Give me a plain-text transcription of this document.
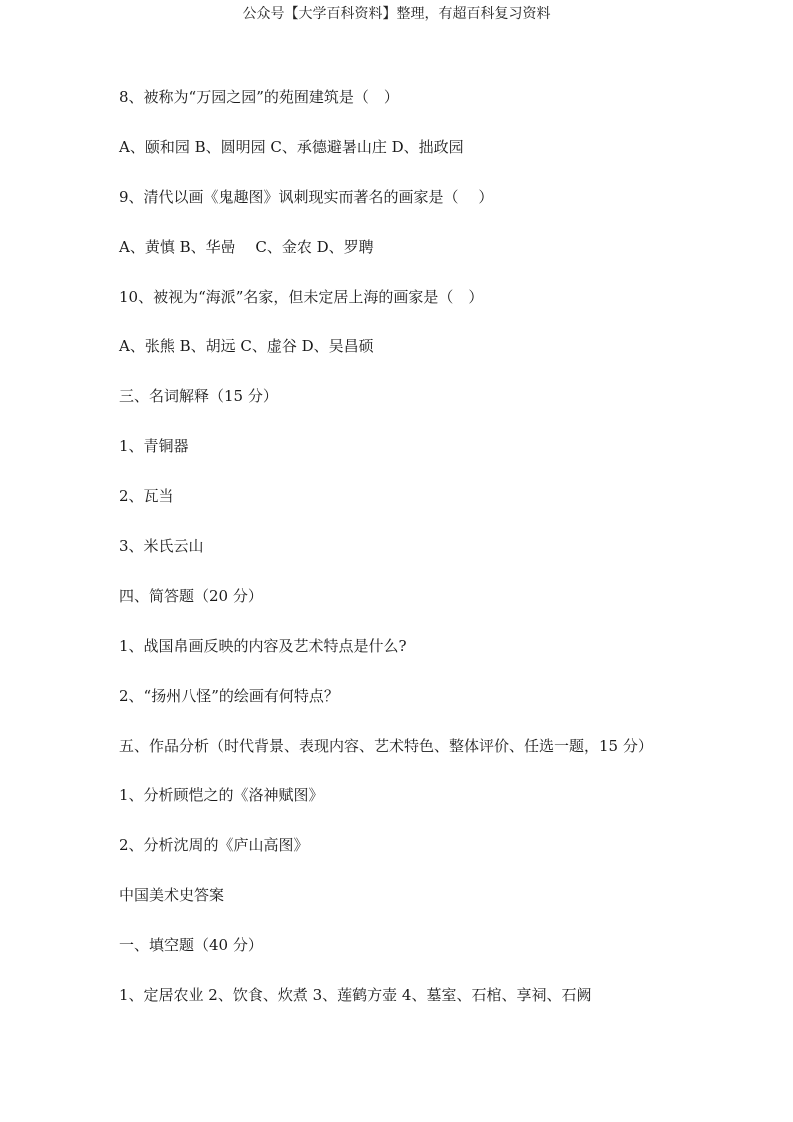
公众号【大学百科资料】整理，有超百科复习资料
8、被称为“万园之园”的苑囿建筑是（　）
A、颐和园 B、圆明园 C、承德避暑山庄 D、拙政园
9、清代以画《鬼趣图》讽刺现实而著名的画家是（　 ）
A、黄慎 B、华喦　 C、金农 D、罗聘
10、被视为“海派”名家，但未定居上海的画家是（　）
A、张熊 B、胡远 C、虚谷 D、吴昌硕
三、名词解释（15 分）
1、青铜器
2、瓦当
3、米氏云山
四、简答题（20 分）
1、战国帛画反映的内容及艺术特点是什么?
2、“扬州八怪”的绘画有何特点？
五、作品分析（时代背景、表现内容、艺术特色、整体评价、任选一题，15 分）
1、分析顾恺之的《洛神赋图》
2、分析沈周的《庐山高图》
中国美术史答案
一、填空题（40 分）
1、定居农业 2、饮食、炊煮 3、莲鹤方壶 4、墓室、石棺、享祠、石阙
